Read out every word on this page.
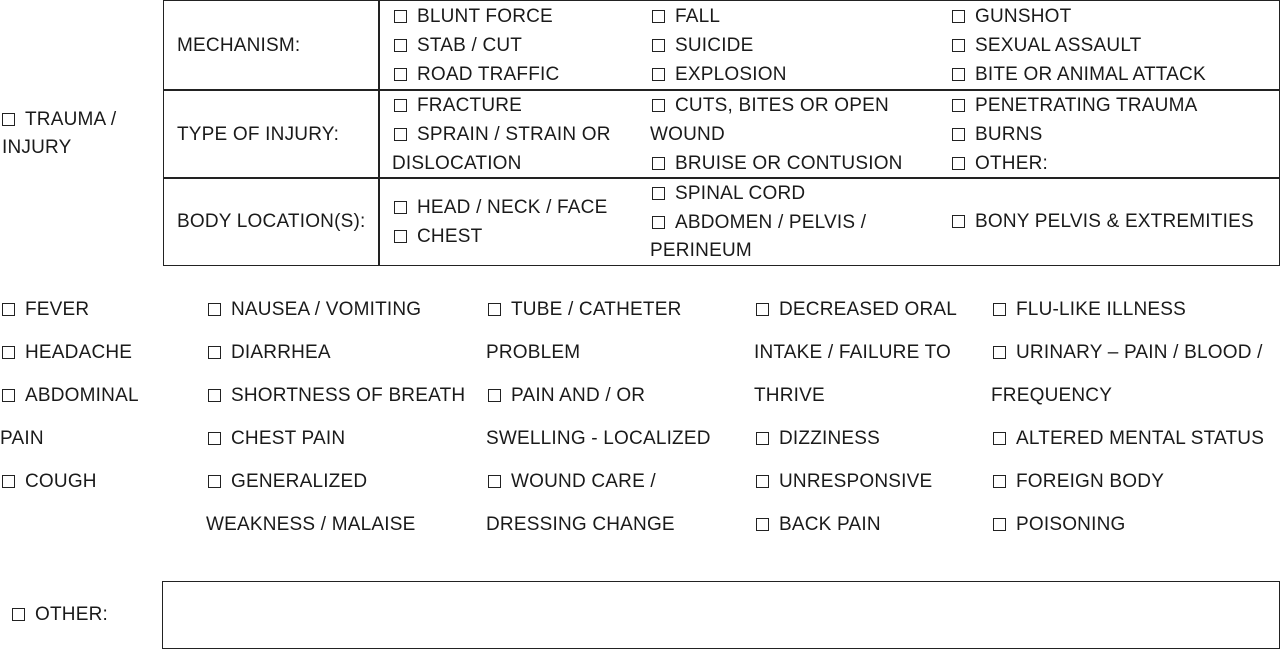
TRAUMA /
INJURY
MECHANISM:
TYPE OF INJURY:
BODY LOCATION(S):
BLUNT FORCE
STAB / CUT
ROAD TRAFFIC
FALL
SUICIDE
EXPLOSION
GUNSHOT
SEXUAL ASSAULT
BITE OR ANIMAL ATTACK
FRACTURE
SPRAIN / STRAIN OR
DISLOCATION
CUTS, BITES OR OPEN
WOUND
BRUISE OR CONTUSION
PENETRATING TRAUMA
BURNS
OTHER:
HEAD / NECK / FACE
CHEST
SPINAL CORD
ABDOMEN / PELVIS /
PERINEUM
BONY PELVIS & EXTREMITIES
FEVER
HEADACHE
ABDOMINAL
PAIN
COUGH
NAUSEA / VOMITING
DIARRHEA
SHORTNESS OF BREATH
CHEST PAIN
GENERALIZED
WEAKNESS / MALAISE
TUBE / CATHETER
PROBLEM
PAIN AND / OR
SWELLING - LOCALIZED
WOUND CARE /
DRESSING CHANGE
DECREASED ORAL
INTAKE / FAILURE TO
THRIVE
DIZZINESS
UNRESPONSIVE
BACK PAIN
FLU-LIKE ILLNESS
URINARY – PAIN / BLOOD /
FREQUENCY
ALTERED MENTAL STATUS
FOREIGN BODY
POISONING
OTHER:
